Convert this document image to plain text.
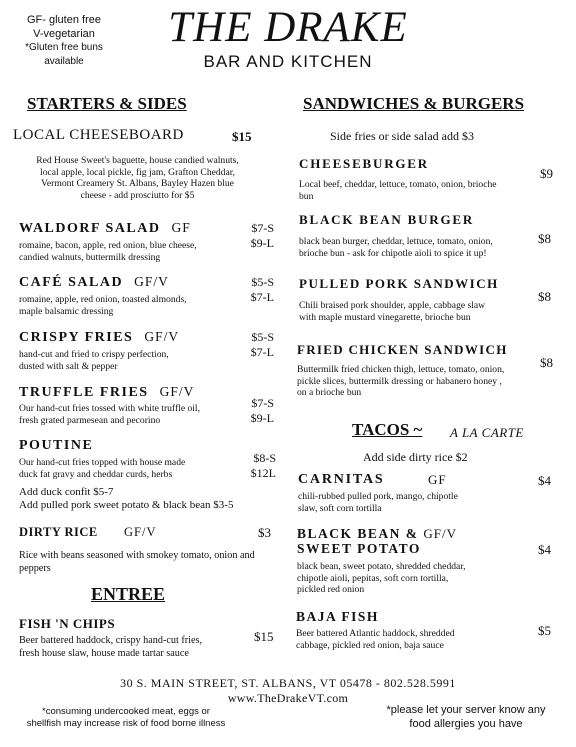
GF- gluten free
V-vegetarian
*Gluten free buns
available
THE DRAKE
BAR AND KITCHEN
STARTERS & SIDES
LOCAL CHEESEBOARD	$15
Red House Sweet's baguette, house candied walnuts,
local apple, local pickle, fig jam, Grafton Cheddar,
Vermont Creamery St. Albans, Bayley Hazen blue
cheese - add prosciutto for $5
WALDORF SALAD GF	$7-S
$9-L
romaine, bacon, apple, red onion, blue cheese,
candied walnuts, buttermilk dressing
CAFÉ SALAD GF/V	$5-S
$7-L
romaine, apple, red onion, toasted almonds,
maple balsamic dressing
CRISPY FRIES GF/V	$5-S
$7-L
hand-cut and fried to crispy perfection,
dusted with salt & pepper
TRUFFLE FRIES GF/V
$7-S
$9-L
Our hand-cut fries tossed with white truffle oil,
fresh grated parmesean and pecorino
POUTINE
$8-S
$12L
Our hand-cut fries topped with house made
duck fat gravy and cheddar curds, herbs
Add duck confit $5-7
Add pulled pork sweet potato & black bean $3-5
DIRTY RICE GF/V	$3
Rice with beans seasoned with smokey tomato, onion and
peppers
ENTREE
FISH 'N CHIPS
$15
Beer battered haddock, crispy hand-cut fries,
fresh house slaw, house made tartar sauce
SANDWICHES & BURGERS
Side fries or side salad add $3
CHEESEBURGER
$9
Local beef, cheddar, lettuce, tomato, onion, brioche
bun
BLACK BEAN BURGER
$8
black bean burger, cheddar, lettuce, tomato, onion,
brioche bun - ask for chipotle aioli to spice it up!
PULLED PORK SANDWICH
$8
Chili braised pork shoulder, apple, cabbage slaw
with maple mustard vinegarette, brioche bun
FRIED CHICKEN SANDWICH
$8
Buttermilk fried chicken thigh, lettuce, tomato, onion,
pickle slices, buttermilk dressing or habanero honey ,
on a brioche bun
TACOS ~ A LA CARTE
Add side dirty rice $2
CARNITAS	GF	$4
chili-rubbed pulled pork, mango, chipotle
slaw, soft corn tortilla
BLACK BEAN & GF/V
SWEET POTATO	$4
black bean, sweet potato, shredded cheddar,
chipotle aioli, pepitas, soft corn tortilla,
pickled red onion
BAJA FISH
$5
Beer battered Atlantic haddock, shredded
cabbage, pickled red onion, baja sauce
30 S. MAIN STREET, ST. ALBANS, VT 05478 - 802.528.5991
www.TheDrakeVT.com
*consuming undercooked meat, eggs or
shellfish may increase risk of food borne illness
*please let your server know any
food allergies you have
